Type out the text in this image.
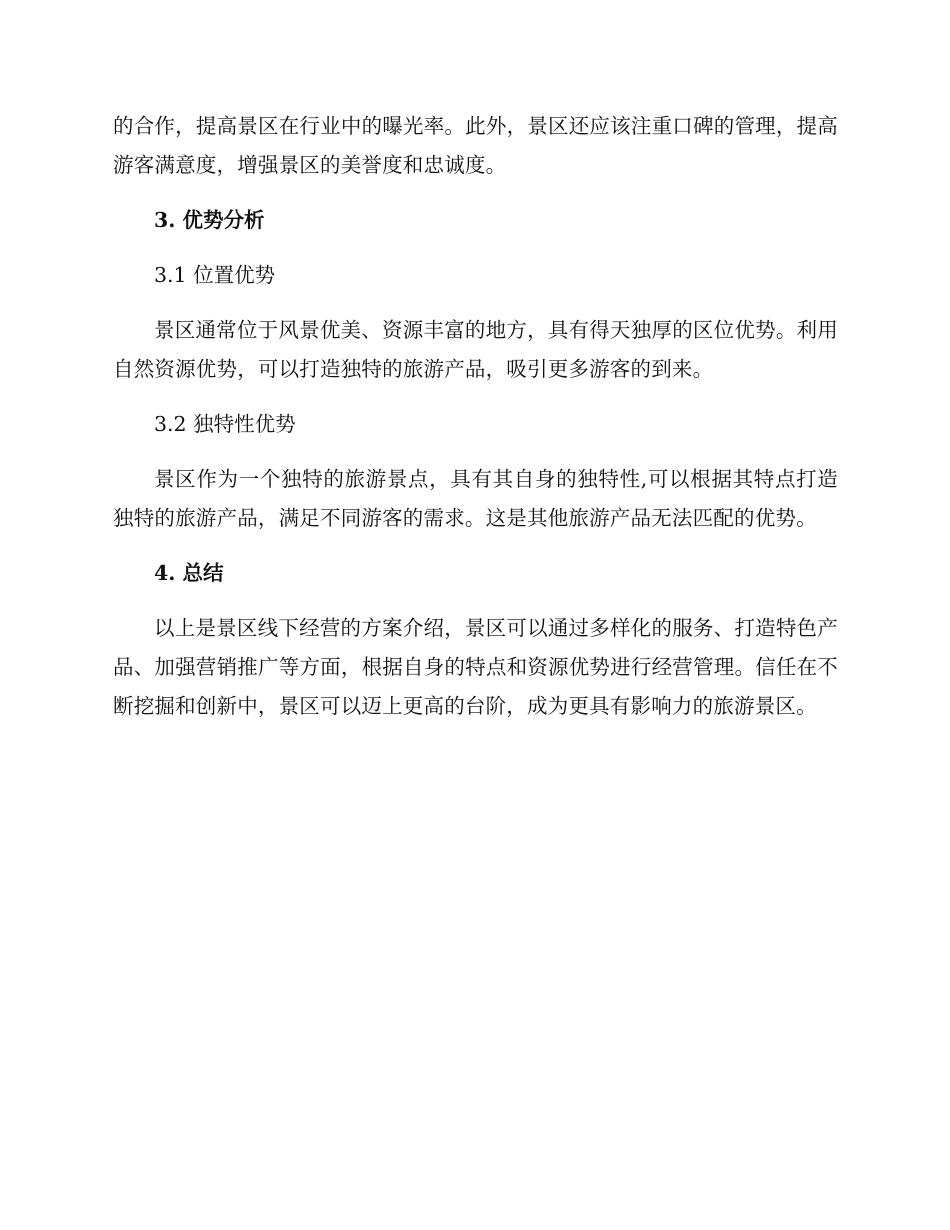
的合作，提高景区在行业中的曝光率。此外，景区还应该注重口碑的管理，提高游客满意度，增强景区的美誉度和忠诚度。

3. 优势分析

3.1 位置优势

景区通常位于风景优美、资源丰富的地方，具有得天独厚的区位优势。利用自然资源优势，可以打造独特的旅游产品，吸引更多游客的到来。

3.2 独特性优势

景区作为一个独特的旅游景点，具有其自身的独特性,可以根据其特点打造独特的旅游产品，满足不同游客的需求。这是其他旅游产品无法匹配的优势。

4. 总结

以上是景区线下经营的方案介绍，景区可以通过多样化的服务、打造特色产品、加强营销推广等方面，根据自身的特点和资源优势进行经营管理。信任在不断挖掘和创新中，景区可以迈上更高的台阶，成为更具有影响力的旅游景区。
